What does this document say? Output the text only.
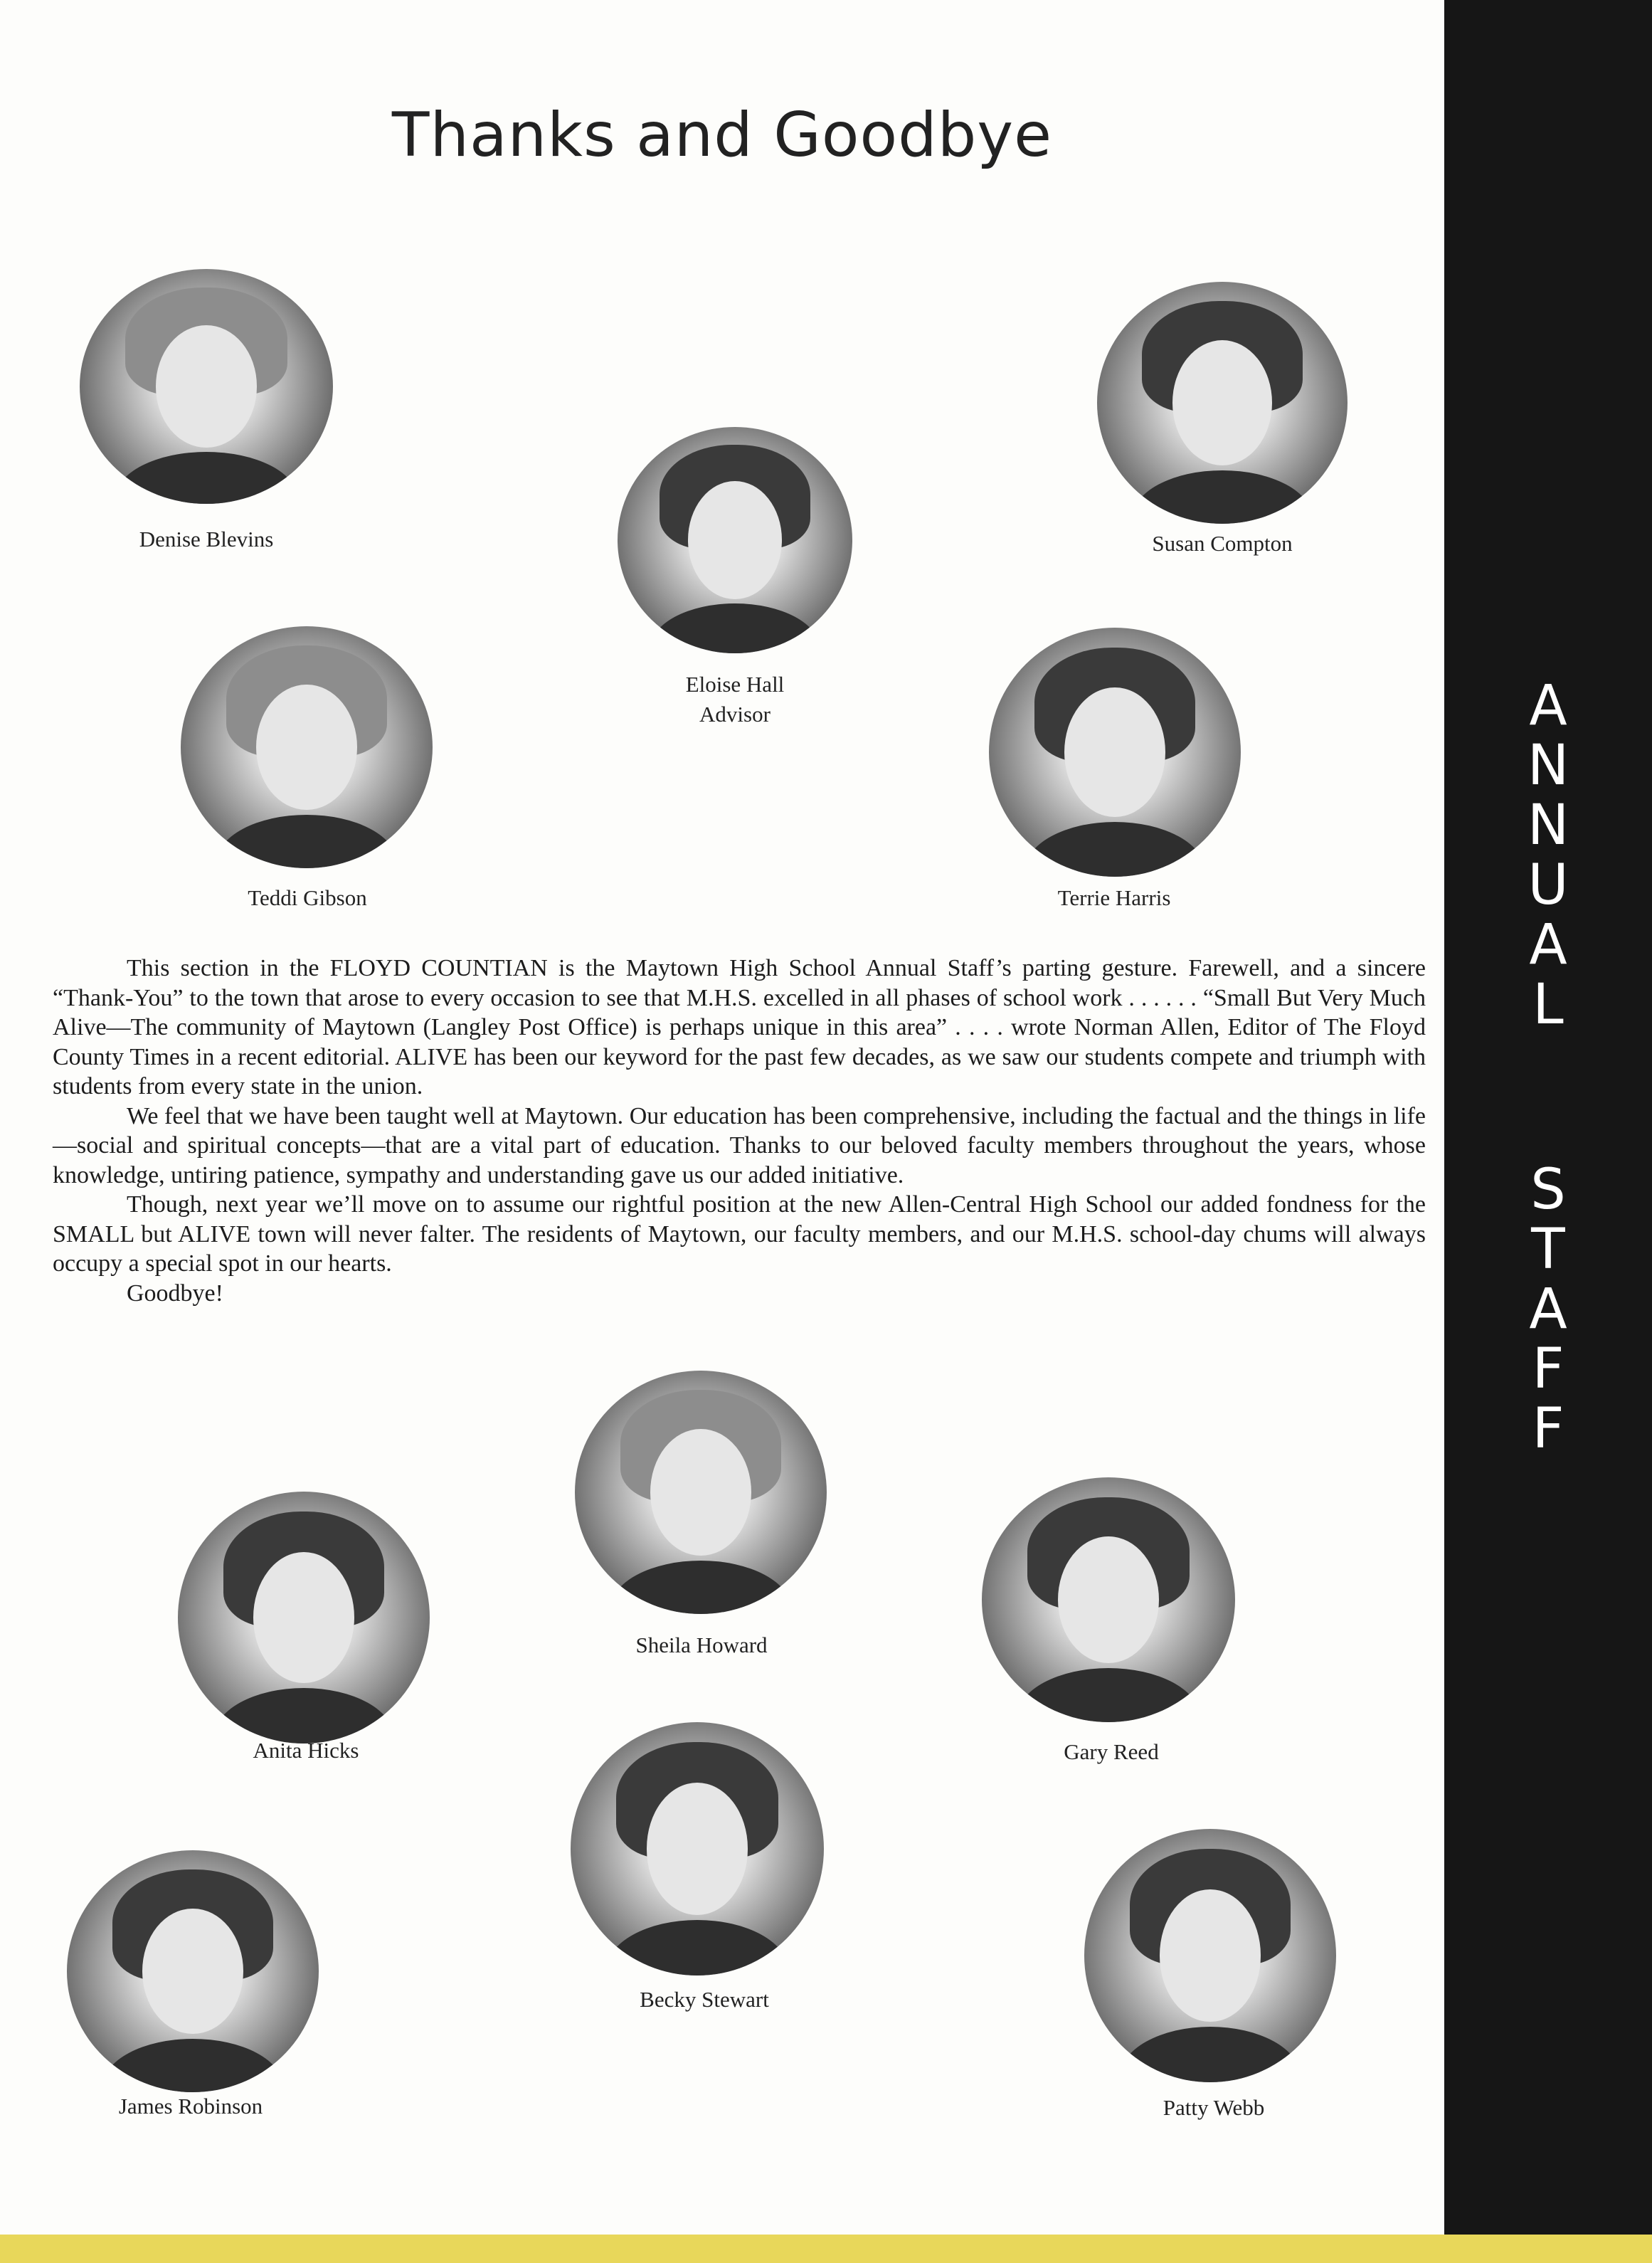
Thanks and Goodbye
Denise Blevins
Eloise Hall
Advisor
Susan Compton
Teddi Gibson	Terrie Harris

This section in the FLOYD COUNTIAN is the Maytown High School Annual Staff’s parting gesture. Farewell, and a sincere “Thank-You” to the town that arose to every occasion to see that M.H.S. excelled in all phases of school work . . . . . . “Small But Very Much Alive—The community of Maytown (Langley Post Office) is perhaps unique in this area” . . . . wrote Norman Allen, Editor of The Floyd County Times in a recent editorial. ALIVE has been our keyword for the past few decades, as we saw our students compete and triumph with students from every state in the union.

We feel that we have been taught well at Maytown. Our education has been comprehensive, including the factual and the things in life—social and spiritual concepts—that are a vital part of education. Thanks to our beloved faculty members throughout the years, whose knowledge, untiring patience, sympathy and understanding gave us our added initiative.

Though, next year we’ll move on to assume our rightful position at the new Allen-Central High School our added fondness for the SMALL but ALIVE town will never falter. The residents of Maytown, our faculty members, and our M.H.S. school-day chums will always occupy a special spot in our hearts.

Goodbye!

Sheila Howard
Anita Hicks	Gary Reed
Becky Stewart
James Robinson	Patty Webb
A
N
N
U
A
L
S
T
A
F
F
